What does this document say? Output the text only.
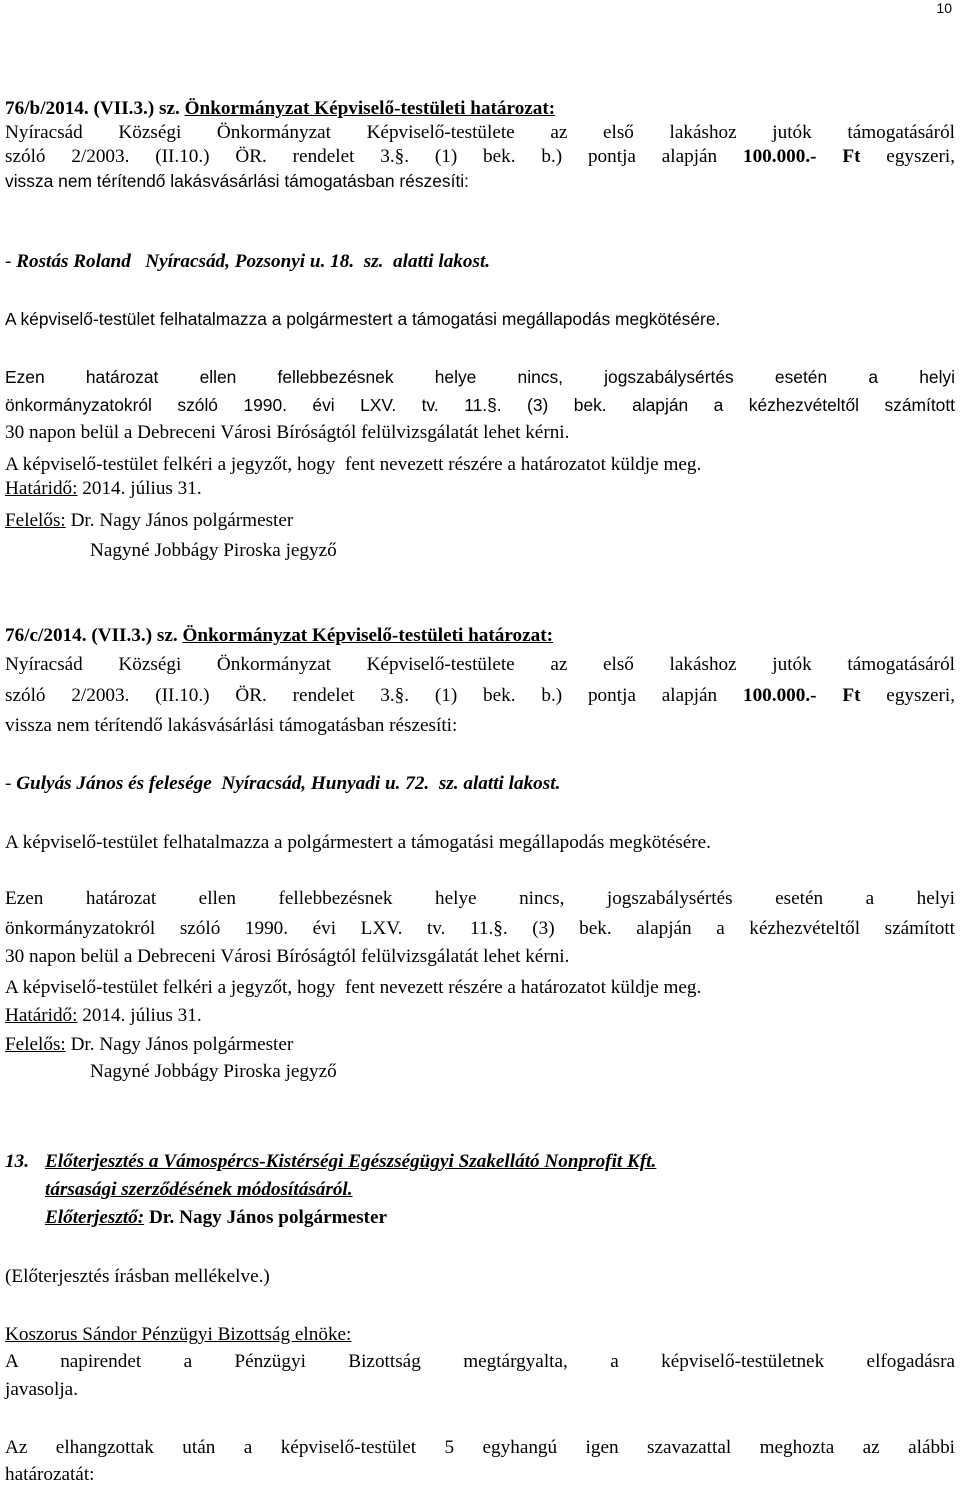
10
76/b/2014. (VII.3.) sz. Önkormányzat Képviselő-testületi határozat:
Nyíracsád Községi Önkormányzat Képviselő-testülete az első lakáshoz jutók támogatásáról
szóló 2/2003. (II.10.) ÖR. rendelet 3.§. (1) bek. b.) pontja alapján 100.000.- Ft egyszeri,
vissza nem térítendő lakásvásárlási támogatásban részesíti:
- Rostás Roland   Nyíracsád, Pozsonyi u. 18.  sz.  alatti lakost.
A képviselő-testület felhatalmazza a polgármestert a támogatási megállapodás megkötésére.
Ezen határozat ellen fellebbezésnek helye nincs, jogszabálysértés esetén a helyi
önkormányzatokról szóló 1990. évi LXV. tv. 11.§. (3) bek. alapján a kézhezvételtől számított
30 napon belül a Debreceni Városi Bíróságtól felülvizsgálatát lehet kérni.
A képviselő-testület felkéri a jegyzőt, hogy  fent nevezett részére a határozatot küldje meg.
Határidő: 2014. július 31.
Felelős: Dr. Nagy János polgármester
Nagyné Jobbágy Piroska jegyző
76/c/2014. (VII.3.) sz. Önkormányzat Képviselő-testületi határozat:
Nyíracsád Községi Önkormányzat Képviselő-testülete az első lakáshoz jutók támogatásáról
szóló 2/2003. (II.10.) ÖR. rendelet 3.§. (1) bek. b.) pontja alapján 100.000.- Ft egyszeri,
vissza nem térítendő lakásvásárlási támogatásban részesíti:
- Gulyás János és felesége  Nyíracsád, Hunyadi u. 72.  sz. alatti lakost.
A képviselő-testület felhatalmazza a polgármestert a támogatási megállapodás megkötésére.
Ezen határozat ellen fellebbezésnek helye nincs, jogszabálysértés esetén a helyi
önkormányzatokról szóló 1990. évi LXV. tv. 11.§. (3) bek. alapján a kézhezvételtől számított
30 napon belül a Debreceni Városi Bíróságtól felülvizsgálatát lehet kérni.
A képviselő-testület felkéri a jegyzőt, hogy  fent nevezett részére a határozatot küldje meg.
Határidő: 2014. július 31.
Felelős: Dr. Nagy János polgármester
Nagyné Jobbágy Piroska jegyző
13. Előterjesztés a Vámospércs-Kistérségi Egészségügyi Szakellátó Nonprofit Kft.
társasági szerződésének módosításáról.
Előterjesztő: Dr. Nagy János polgármester
(Előterjesztés írásban mellékelve.)
Koszorus Sándor Pénzügyi Bizottság elnöke:
A napirendet a Pénzügyi Bizottság megtárgyalta, a képviselő-testületnek elfogadásra
javasolja.
Az elhangzottak után a képviselő-testület 5 egyhangú igen szavazattal meghozta az alábbi
határozatát:
